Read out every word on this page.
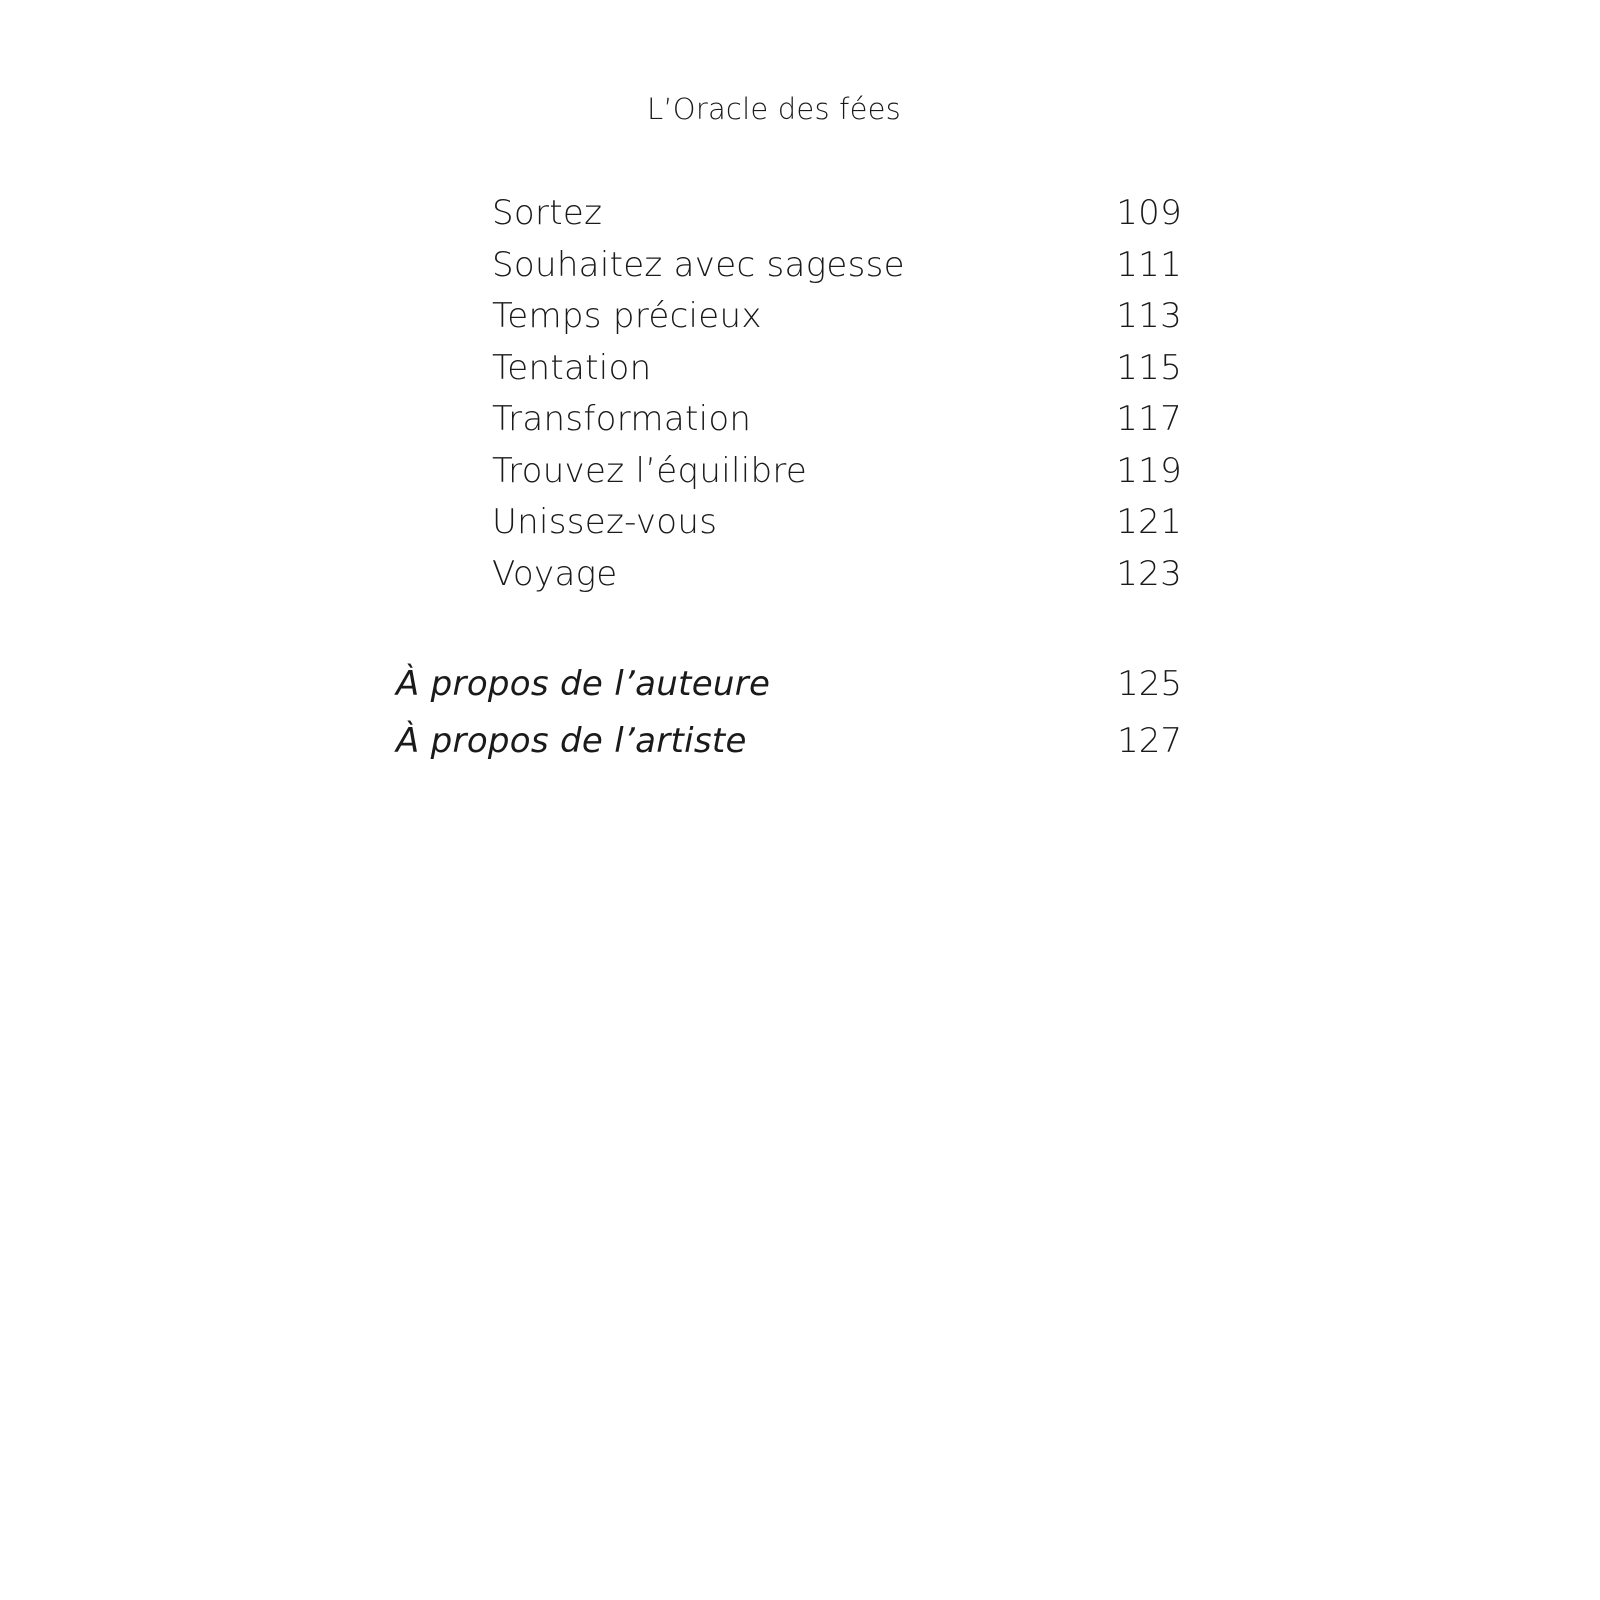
L’Oracle des fées
Sortez	109
Souhaitez avec sagesse	111
Temps précieux	113
Tentation	115
Transformation	117
Trouvez l’équilibre	119
Unissez-vous	121
Voyage	123
À propos de l’auteure	125
À propos de l’artiste	127
